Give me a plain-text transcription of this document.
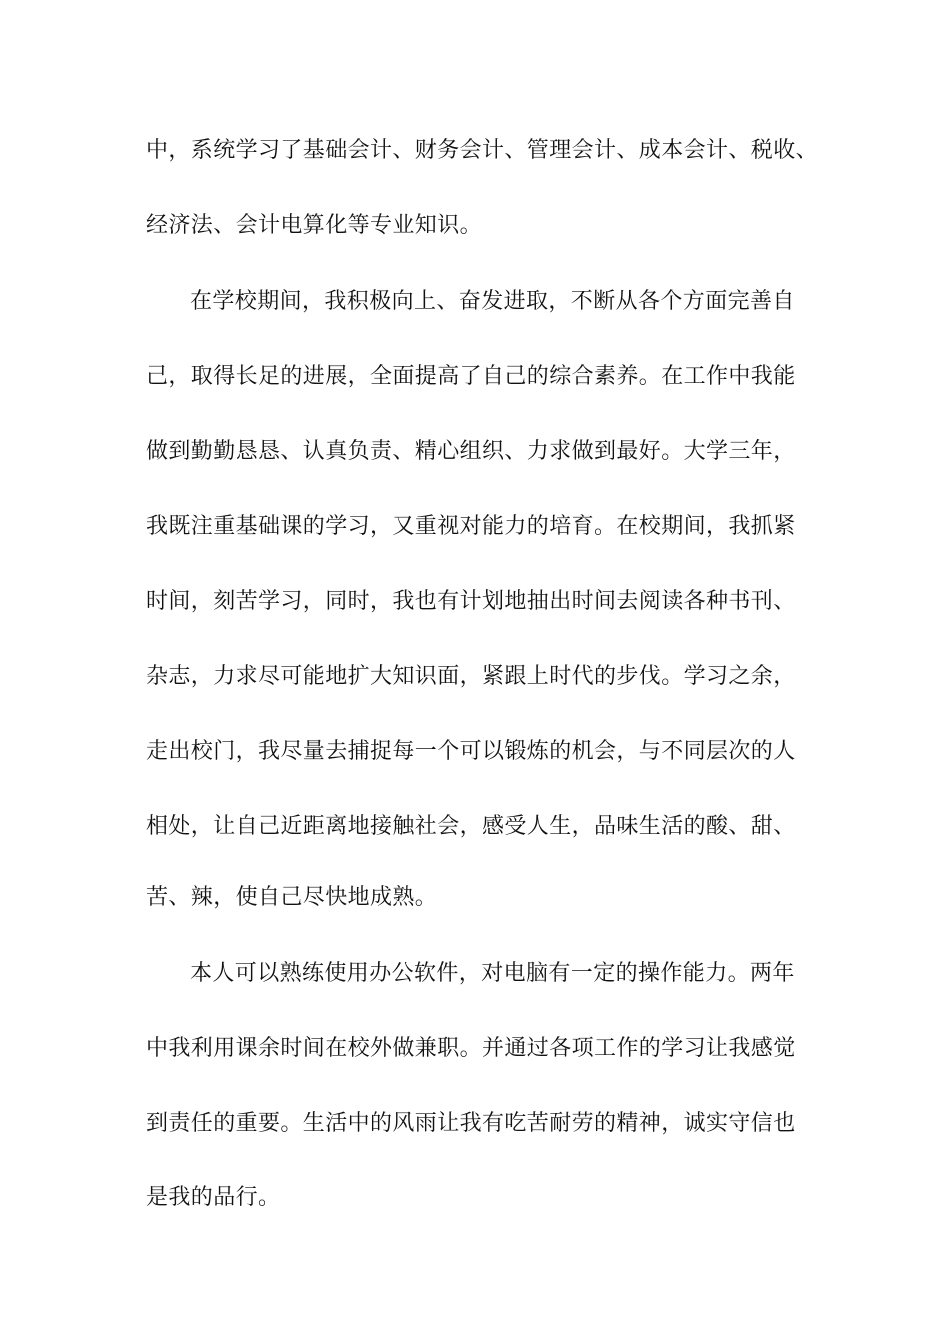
中，系统学习了基础会计、财务会计、管理会计、成本会计、税收、

经济法、会计电算化等专业知识。

在学校期间，我积极向上、奋发进取，不断从各个方面完善自

己，取得长足的进展，全面提高了自己的综合素养。在工作中我能

做到勤勤恳恳、认真负责、精心组织、力求做到最好。大学三年，

我既注重基础课的学习，又重视对能力的培育。在校期间，我抓紧

时间，刻苦学习，同时，我也有计划地抽出时间去阅读各种书刊、

杂志，力求尽可能地扩大知识面，紧跟上时代的步伐。学习之余，

走出校门，我尽量去捕捉每一个可以锻炼的机会，与不同层次的人

相处，让自己近距离地接触社会，感受人生，品味生活的酸、甜、

苦、辣，使自己尽快地成熟。

本人可以熟练使用办公软件，对电脑有一定的操作能力。两年

中我利用课余时间在校外做兼职。并通过各项工作的学习让我感觉

到责任的重要。生活中的风雨让我有吃苦耐劳的精神，诚实守信也

是我的品行。
